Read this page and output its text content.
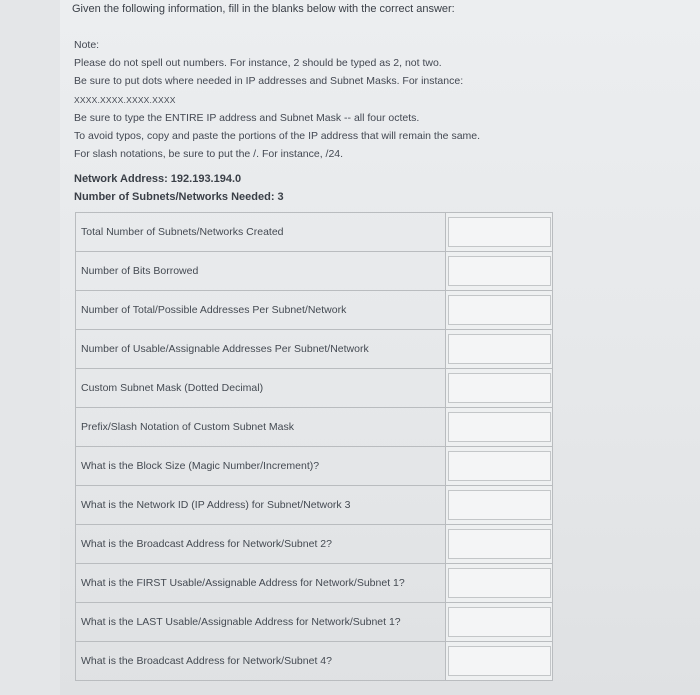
Given the following information, fill in the blanks below with the correct answer:
Note:
Please do not spell out numbers. For instance, 2 should be typed as 2, not two.
Be sure to put dots where needed in IP addresses and Subnet Masks. For instance:
XXXX.XXXX.XXXX.XXXX
Be sure to type the ENTIRE IP address and Subnet Mask -- all four octets.
To avoid typos, copy and paste the portions of the IP address that will remain the same.
For slash notations, be sure to put the /. For instance, /24.
Network Address: 192.193.194.0
Number of Subnets/Networks Needed: 3
Total Number of Subnets/Networks Created	

Number of Bits Borrowed	

Number of Total/Possible Addresses Per Subnet/Network	

Number of Usable/Assignable Addresses Per Subnet/Network	

Custom Subnet Mask (Dotted Decimal)	

Prefix/Slash Notation of Custom Subnet Mask	

What is the Block Size (Magic Number/Increment)?	

What is the Network ID (IP Address) for Subnet/Network 3	

What is the Broadcast Address for Network/Subnet 2?	

What is the FIRST Usable/Assignable Address for Network/Subnet 1?	

What is the LAST Usable/Assignable Address for Network/Subnet 1?	

What is the Broadcast Address for Network/Subnet 4?	
